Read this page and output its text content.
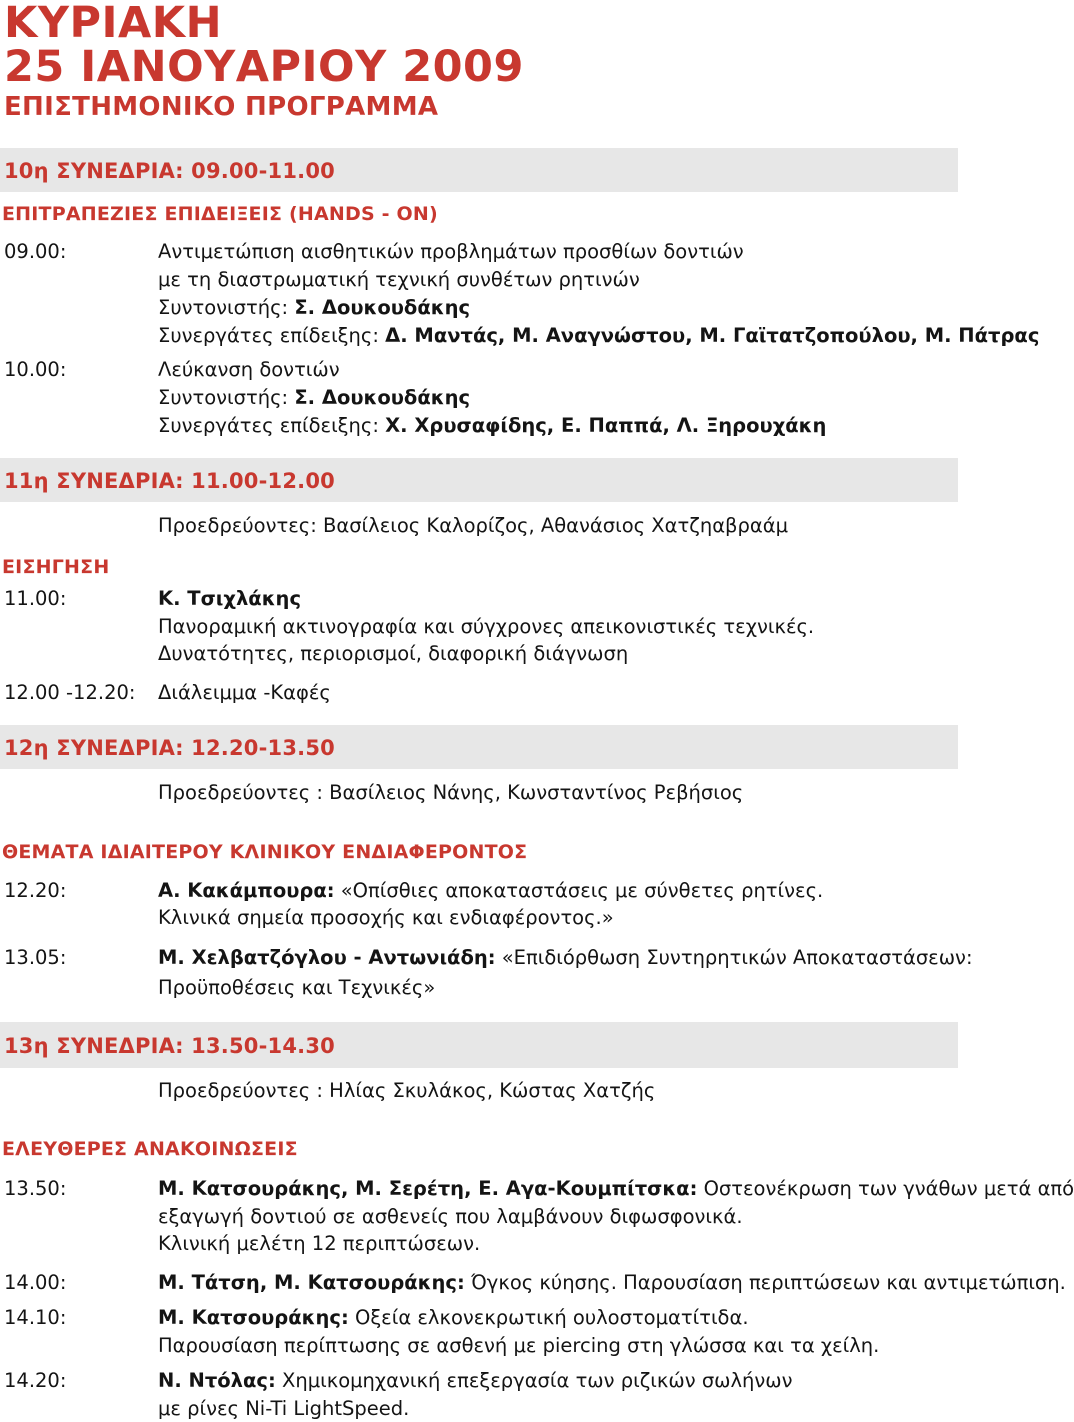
ΚΥΡΙΑΚΗ
25 ΙΑΝΟΥΑΡΙΟΥ 2009
ΕΠΙΣΤΗΜΟΝΙΚΟ ΠΡΟΓΡΑΜΜΑ
10η ΣΥΝΕΔΡΙΑ: 09.00-11.00
ΕΠΙΤΡΑΠΕΖΙΕΣ ΕΠΙΔΕΙΞΕΙΣ (HANDS - ON)
09.00:	Αντιμετώπιση αισθητικών προβλημάτων προσθίων δοντιών
με τη διαστρωματική τεχνική συνθέτων ρητινών
Συντονιστής: Σ. Δουκουδάκης
Συνεργάτες επίδειξης: Δ. Μαντάς, Μ. Αναγνώστου, Μ. Γαϊτατζοπούλου, Μ. Πάτρας
10.00:	Λεύκανση δοντιών
Συντονιστής: Σ. Δουκουδάκης
Συνεργάτες επίδειξης: Χ. Χρυσαφίδης, Ε. Παππά, Λ. Ξηρουχάκη
11η ΣΥΝΕΔΡΙΑ: 11.00-12.00
Προεδρεύοντες: Βασίλειος Καλορίζος, Αθανάσιος Χατζηαβραάμ
ΕΙΣΗΓΗΣΗ
11.00:	Κ. Τσιχλάκης
Πανοραμική ακτινογραφία και σύγχρονες απεικονιστικές τεχνικές.
Δυνατότητες, περιορισμοί, διαφορική διάγνωση
12.00 -12.20: Διάλειμμα -Καφές
12η ΣΥΝΕΔΡΙΑ: 12.20-13.50
Προεδρεύοντες : Βασίλειος Νάνης, Κωνσταντίνος Ρεβήσιος
ΘΕΜΑΤΑ ΙΔΙΑΙΤΕΡΟΥ ΚΛΙΝΙΚΟΥ ΕΝΔΙΑΦΕΡΟΝΤΟΣ
12.20:	Α. Κακάμπουρα: «Οπίσθιες αποκαταστάσεις με σύνθετες ρητίνες.
Κλινικά σημεία προσοχής και ενδιαφέροντος.»
13.05:	Μ. Χελβατζόγλου - Αντωνιάδη: «Επιδιόρθωση Συντηρητικών Αποκαταστάσεων:
Προϋποθέσεις και Τεχνικές»
13η ΣΥΝΕΔΡΙΑ: 13.50-14.30
Προεδρεύοντες : Ηλίας Σκυλάκος, Κώστας Χατζής
ΕΛΕΥΘΕΡΕΣ ΑΝΑΚΟΙΝΩΣΕΙΣ
13.50:	Μ. Κατσουράκης, Μ. Σερέτη, Ε. Αγα-Κουμπίτσκα: Οστεονέκρωση των γνάθων μετά από
εξαγωγή δοντιού σε ασθενείς που λαμβάνουν διφωσφονικά.
Κλινική μελέτη 12 περιπτώσεων.
14.00:	Μ. Τάτση, Μ. Κατσουράκης: Όγκος κύησης. Παρουσίαση περιπτώσεων και αντιμετώπιση.
14.10:	Μ. Κατσουράκης: Οξεία ελκονεκρωτική ουλοστοματίτιδα.
Παρουσίαση περίπτωσης σε ασθενή με piercing στη γλώσσα και τα χείλη.
14.20:	Ν. Ντόλας: Χημικομηχανική επεξεργασία των ριζικών σωλήνων
με ρίνες Ni-Ti LightSpeed.
